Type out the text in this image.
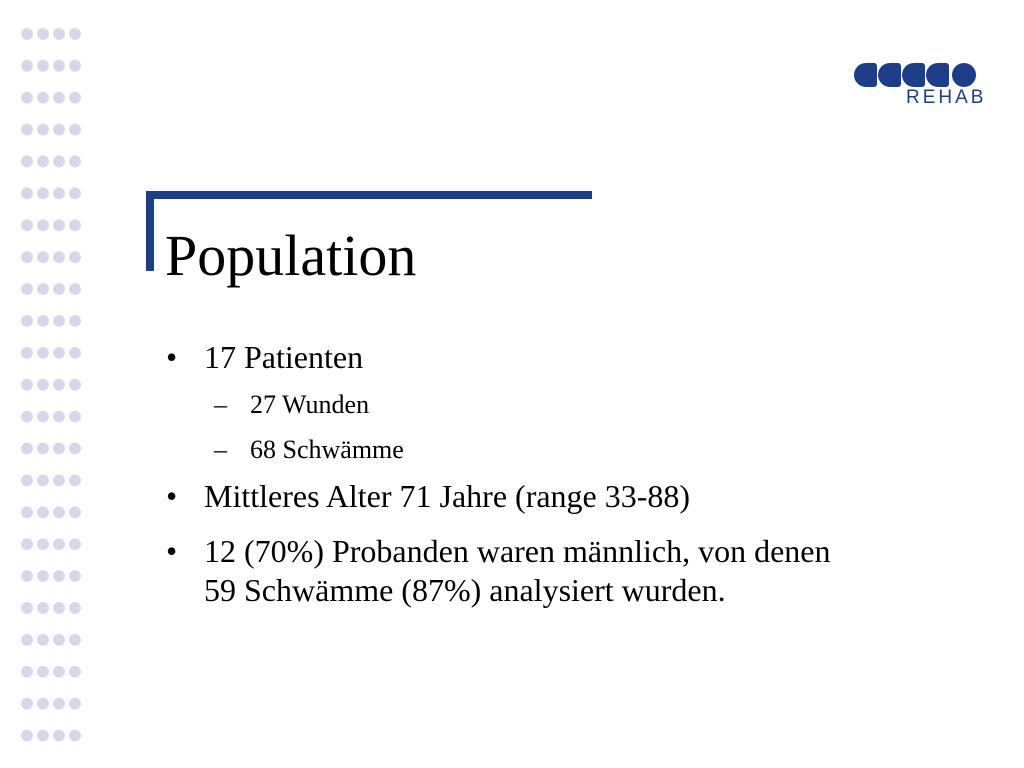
REHAB
Population
• 17 Patienten
– 27 Wunden
– 68 Schwämme
• Mittleres Alter 71 Jahre (range 33-88)
• 12 (70%) Probanden waren männlich, von denen
59 Schwämme (87%) analysiert wurden.
